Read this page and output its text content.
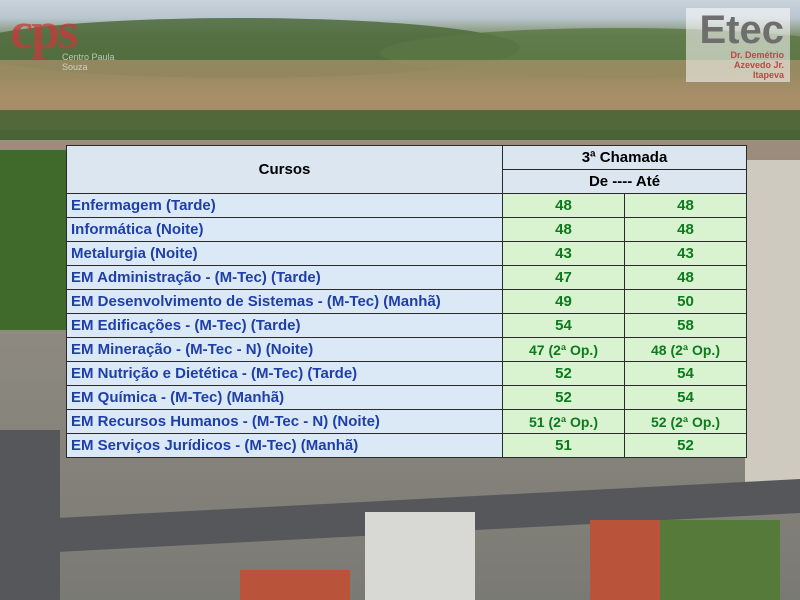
cps
Centro Paula Souza
Etec
Dr. Demétrio
Azevedo Jr.
Itapeva
Cursos	3ª Chamada	
	De ---- Até	
Enfermagem (Tarde)	48	48
Informática (Noite)	48	48
Metalurgia (Noite)	43	43
EM Administração - (M-Tec) (Tarde)	47	48
EM Desenvolvimento de Sistemas - (M-Tec) (Manhã)	49	50
EM Edificações - (M-Tec) (Tarde)	54	58
EM Mineração - (M-Tec - N) (Noite)	47 (2ª Op.)	48 (2ª Op.)
EM Nutrição e Dietética - (M-Tec) (Tarde)	52	54
EM Química - (M-Tec) (Manhã)	52	54
EM Recursos Humanos - (M-Tec - N) (Noite)	51 (2ª Op.)	52 (2ª Op.)
EM Serviços Jurídicos - (M-Tec) (Manhã)	51	52
